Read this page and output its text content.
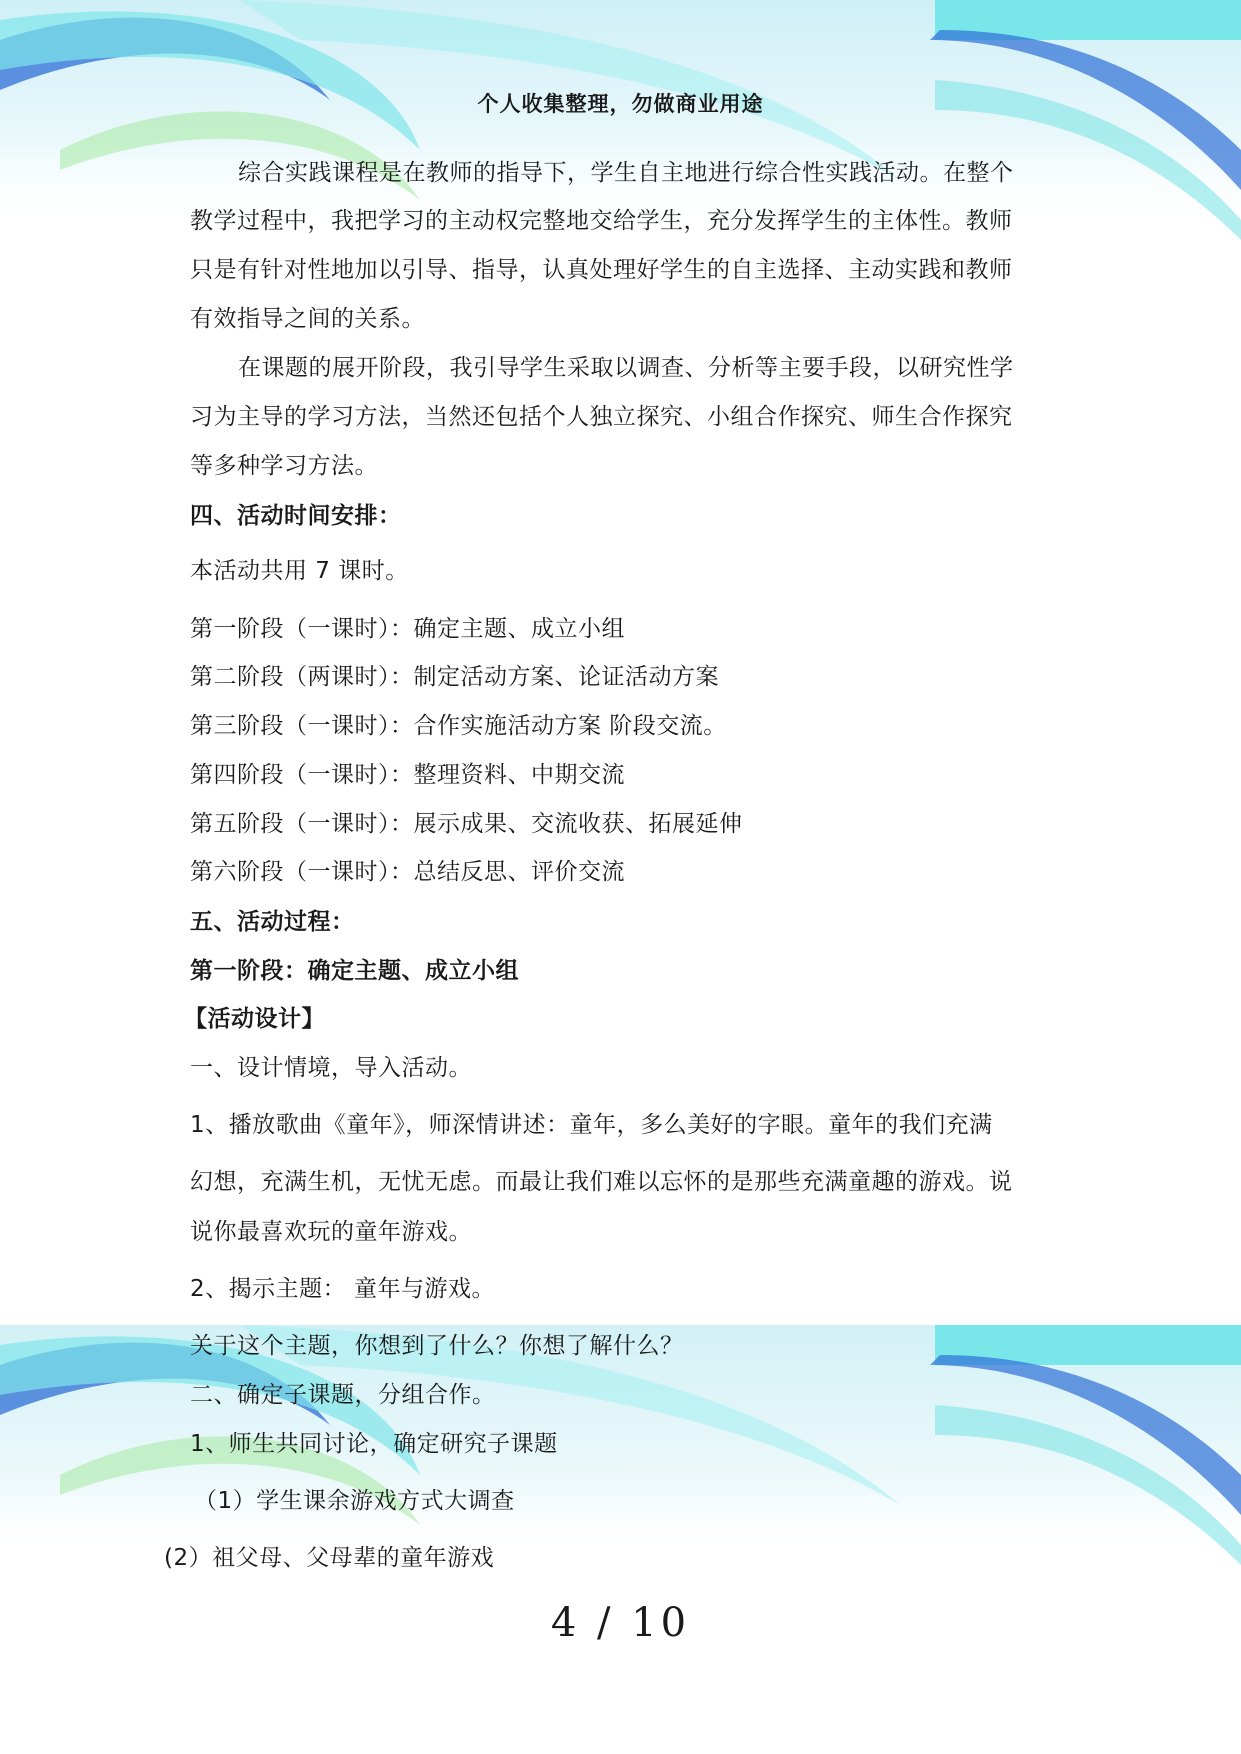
个人收集整理，勿做商业用途
综合实践课程是在教师的指导下，学生自主地进行综合性实践活动。在整个
教学过程中，我把学习的主动权完整地交给学生，充分发挥学生的主体性。教师
只是有针对性地加以引导、指导，认真处理好学生的自主选择、主动实践和教师
有效指导之间的关系。
在课题的展开阶段，我引导学生采取以调查、分析等主要手段，以研究性学
习为主导的学习方法，当然还包括个人独立探究、小组合作探究、师生合作探究
等多种学习方法。
四、活动时间安排：
本活动共用 7 课时。
第一阶段（一课时）：确定主题、成立小组
第二阶段（两课时）：制定活动方案、论证活动方案
第三阶段（一课时）：合作实施活动方案 阶段交流。
第四阶段（一课时）：整理资料、中期交流
第五阶段（一课时）：展示成果、交流收获、拓展延伸
第六阶段（一课时）：总结反思、评价交流
五、活动过程：
第一阶段：确定主题、成立小组
【活动设计】
一、设计情境，导入活动。
1、播放歌曲《童年》，师深情讲述：童年，多么美好的字眼。童年的我们充满
幻想，充满生机，无忧无虑。而最让我们难以忘怀的是那些充满童趣的游戏。说
说你最喜欢玩的童年游戏。
2、揭示主题： 童年与游戏。
关于这个主题，你想到了什么？你想了解什么？
二、确定子课题，分组合作。
1、师生共同讨论，确定研究子课题
（1）学生课余游戏方式大调查
(2）祖父母、父母辈的童年游戏
4 / 10
